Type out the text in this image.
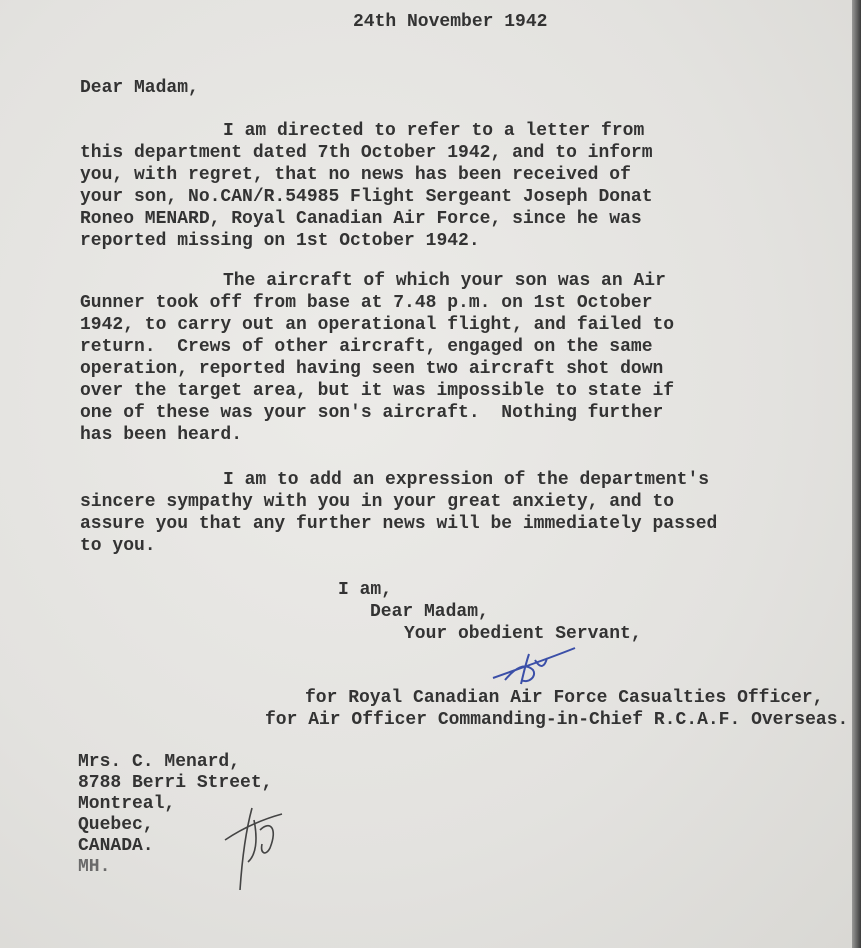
24th November 1942
Dear Madam,
I am directed to refer to a letter from
this department dated 7th October 1942, and to inform
you, with regret, that no news has been received of
your son, No.CAN/R.54985 Flight Sergeant Joseph Donat
Roneo MENARD, Royal Canadian Air Force, since he was
reported missing on 1st October 1942.
The aircraft of which your son was an Air
Gunner took off from base at 7.48 p.m. on 1st October
1942, to carry out an operational flight, and failed to
return.  Crews of other aircraft, engaged on the same
operation, reported having seen two aircraft shot down
over the target area, but it was impossible to state if
one of these was your son's aircraft.  Nothing further
has been heard.
I am to add an expression of the department's
sincere sympathy with you in your great anxiety, and to
assure you that any further news will be immediately passed
to you.
I am,
Dear Madam,
Your obedient Servant,
for Royal Canadian Air Force Casualties Officer,
for Air Officer Commanding-in-Chief R.C.A.F. Overseas.
Mrs. C. Menard,
8788 Berri Street,
Montreal,
Quebec,
CANADA.
MH.
